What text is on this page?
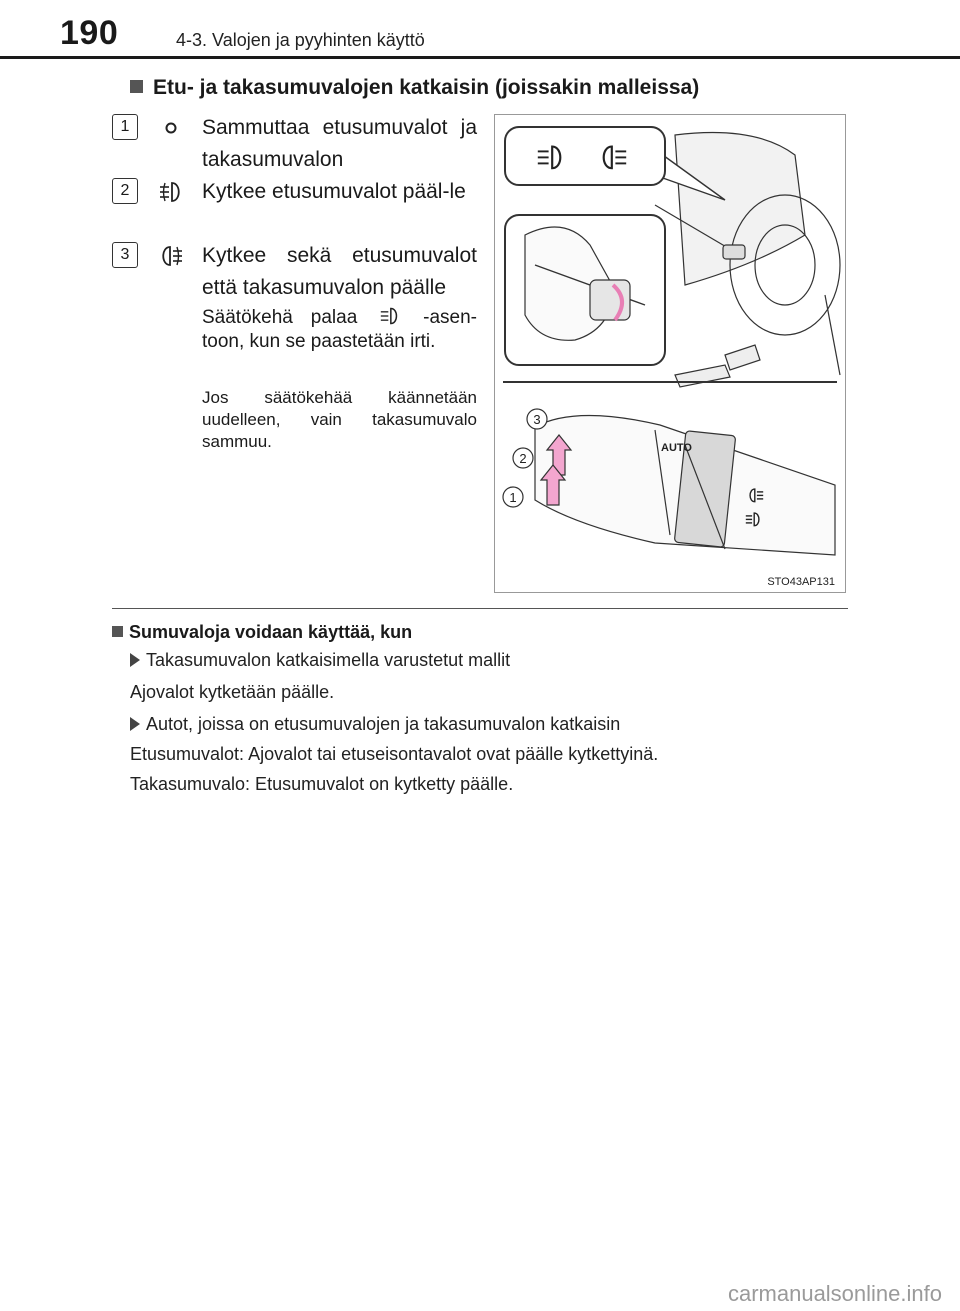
190	4-3. Valojen ja pyyhinten käyttö
Etu- ja takasumuvalojen katkaisin (joissakin malleissa)
1	Sammuttaa etusumuvalot ja takasumuvalon
2	Kytkee etusumuvalot pääl-le
3	Kytkee sekä etusumuvalot että takasumuvalon päälle
Säätökehä palaa	-asen-toon, kun se paastetään irti.
Jos säätökehää käännetään uudelleen, vain takasumuvalo sammuu.	AUTO
3
2
1
STO43AP131
Sumuvaloja voidaan käyttää, kun
Takasumuvalon katkaisimella varustetut mallit
Ajovalot kytketään päälle.
Autot, joissa on etusumuvalojen ja takasumuvalon katkaisin
Etusumuvalot: Ajovalot tai etuseisontavalot ovat päälle kytkettyinä.
Takasumuvalo: Etusumuvalot on kytketty päälle.
carmanualsonline.info
